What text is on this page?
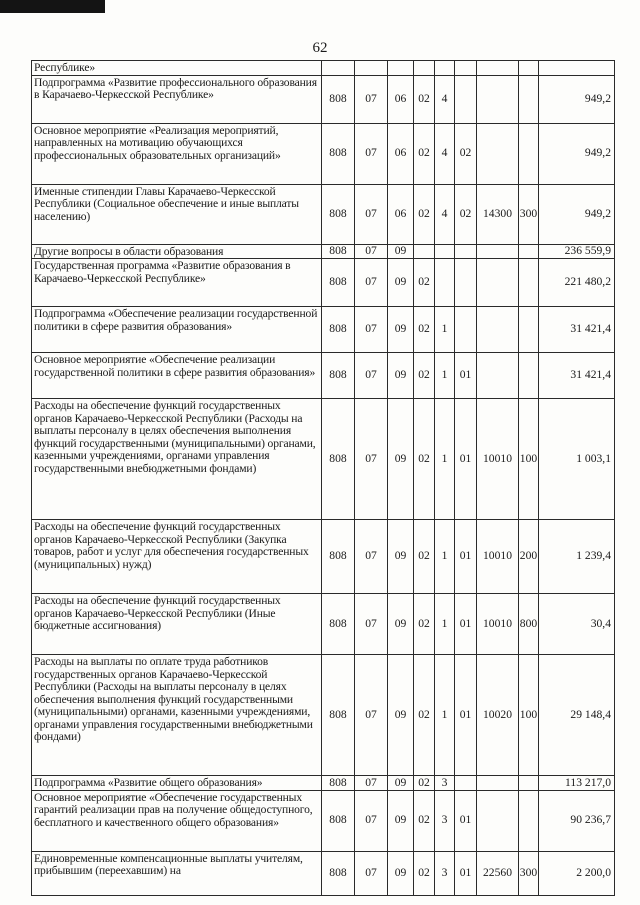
62
Республике»									
Подпрограмма «Развитие профессионального образования в Карачаево-Черкесской Республике»	808	07	06	02	4				949,2
Основное мероприятие «Реализация мероприятий, направленных на мотивацию обучающихся профессиональных образовательных организаций»	808	07	06	02	4	02			949,2
Именные стипендии Главы Карачаево-Черкесской Республики (Социальное обеспечение и иные выплаты населению)	808	07	06	02	4	02	14300	300	949,2
Другие вопросы в области образования	808	07	09						236 559,9
Государственная программа «Развитие образования в Карачаево-Черкесской Республике»	808	07	09	02					221 480,2
Подпрограмма «Обеспечение реализации государственной политики в сфере развития образования»	808	07	09	02	1				31 421,4
Основное мероприятие «Обеспечение реализации государственной политики в сфере развития образования»	808	07	09	02	1	01			31 421,4
Расходы на обеспечение функций государственных органов Карачаево-Черкесской Республики (Расходы на выплаты персоналу в целях обеспечения выполнения функций государственными (муниципальными) органами, казенными учреждениями, органами управления государственными внебюджетными фондами)	808	07	09	02	1	01	10010	100	1 003,1
Расходы на обеспечение функций государственных органов Карачаево-Черкесской Республики (Закупка товаров, работ и услуг для обеспечения государственных (муниципальных) нужд)	808	07	09	02	1	01	10010	200	1 239,4
Расходы на обеспечение функций государственных органов Карачаево-Черкесской Республики (Иные бюджетные ассигнования)	808	07	09	02	1	01	10010	800	30,4
Расходы на выплаты по оплате труда работников государственных органов Карачаево-Черкесской Республики (Расходы на выплаты персоналу в целях обеспечения выполнения функций государственными (муниципальными) органами, казенными учреждениями, органами управления государственными внебюджетными фондами)	808	07	09	02	1	01	10020	100	29 148,4
Подпрограмма «Развитие общего образования»	808	07	09	02	3				113 217,0
Основное мероприятие «Обеспечение государственных гарантий реализации прав на получение общедоступного, бесплатного и качественного общего образования»	808	07	09	02	3	01			90 236,7
Единовременные компенсационные выплаты учителям, прибывшим (переехавшим) на	808	07	09	02	3	01	22560	300	2 200,0
